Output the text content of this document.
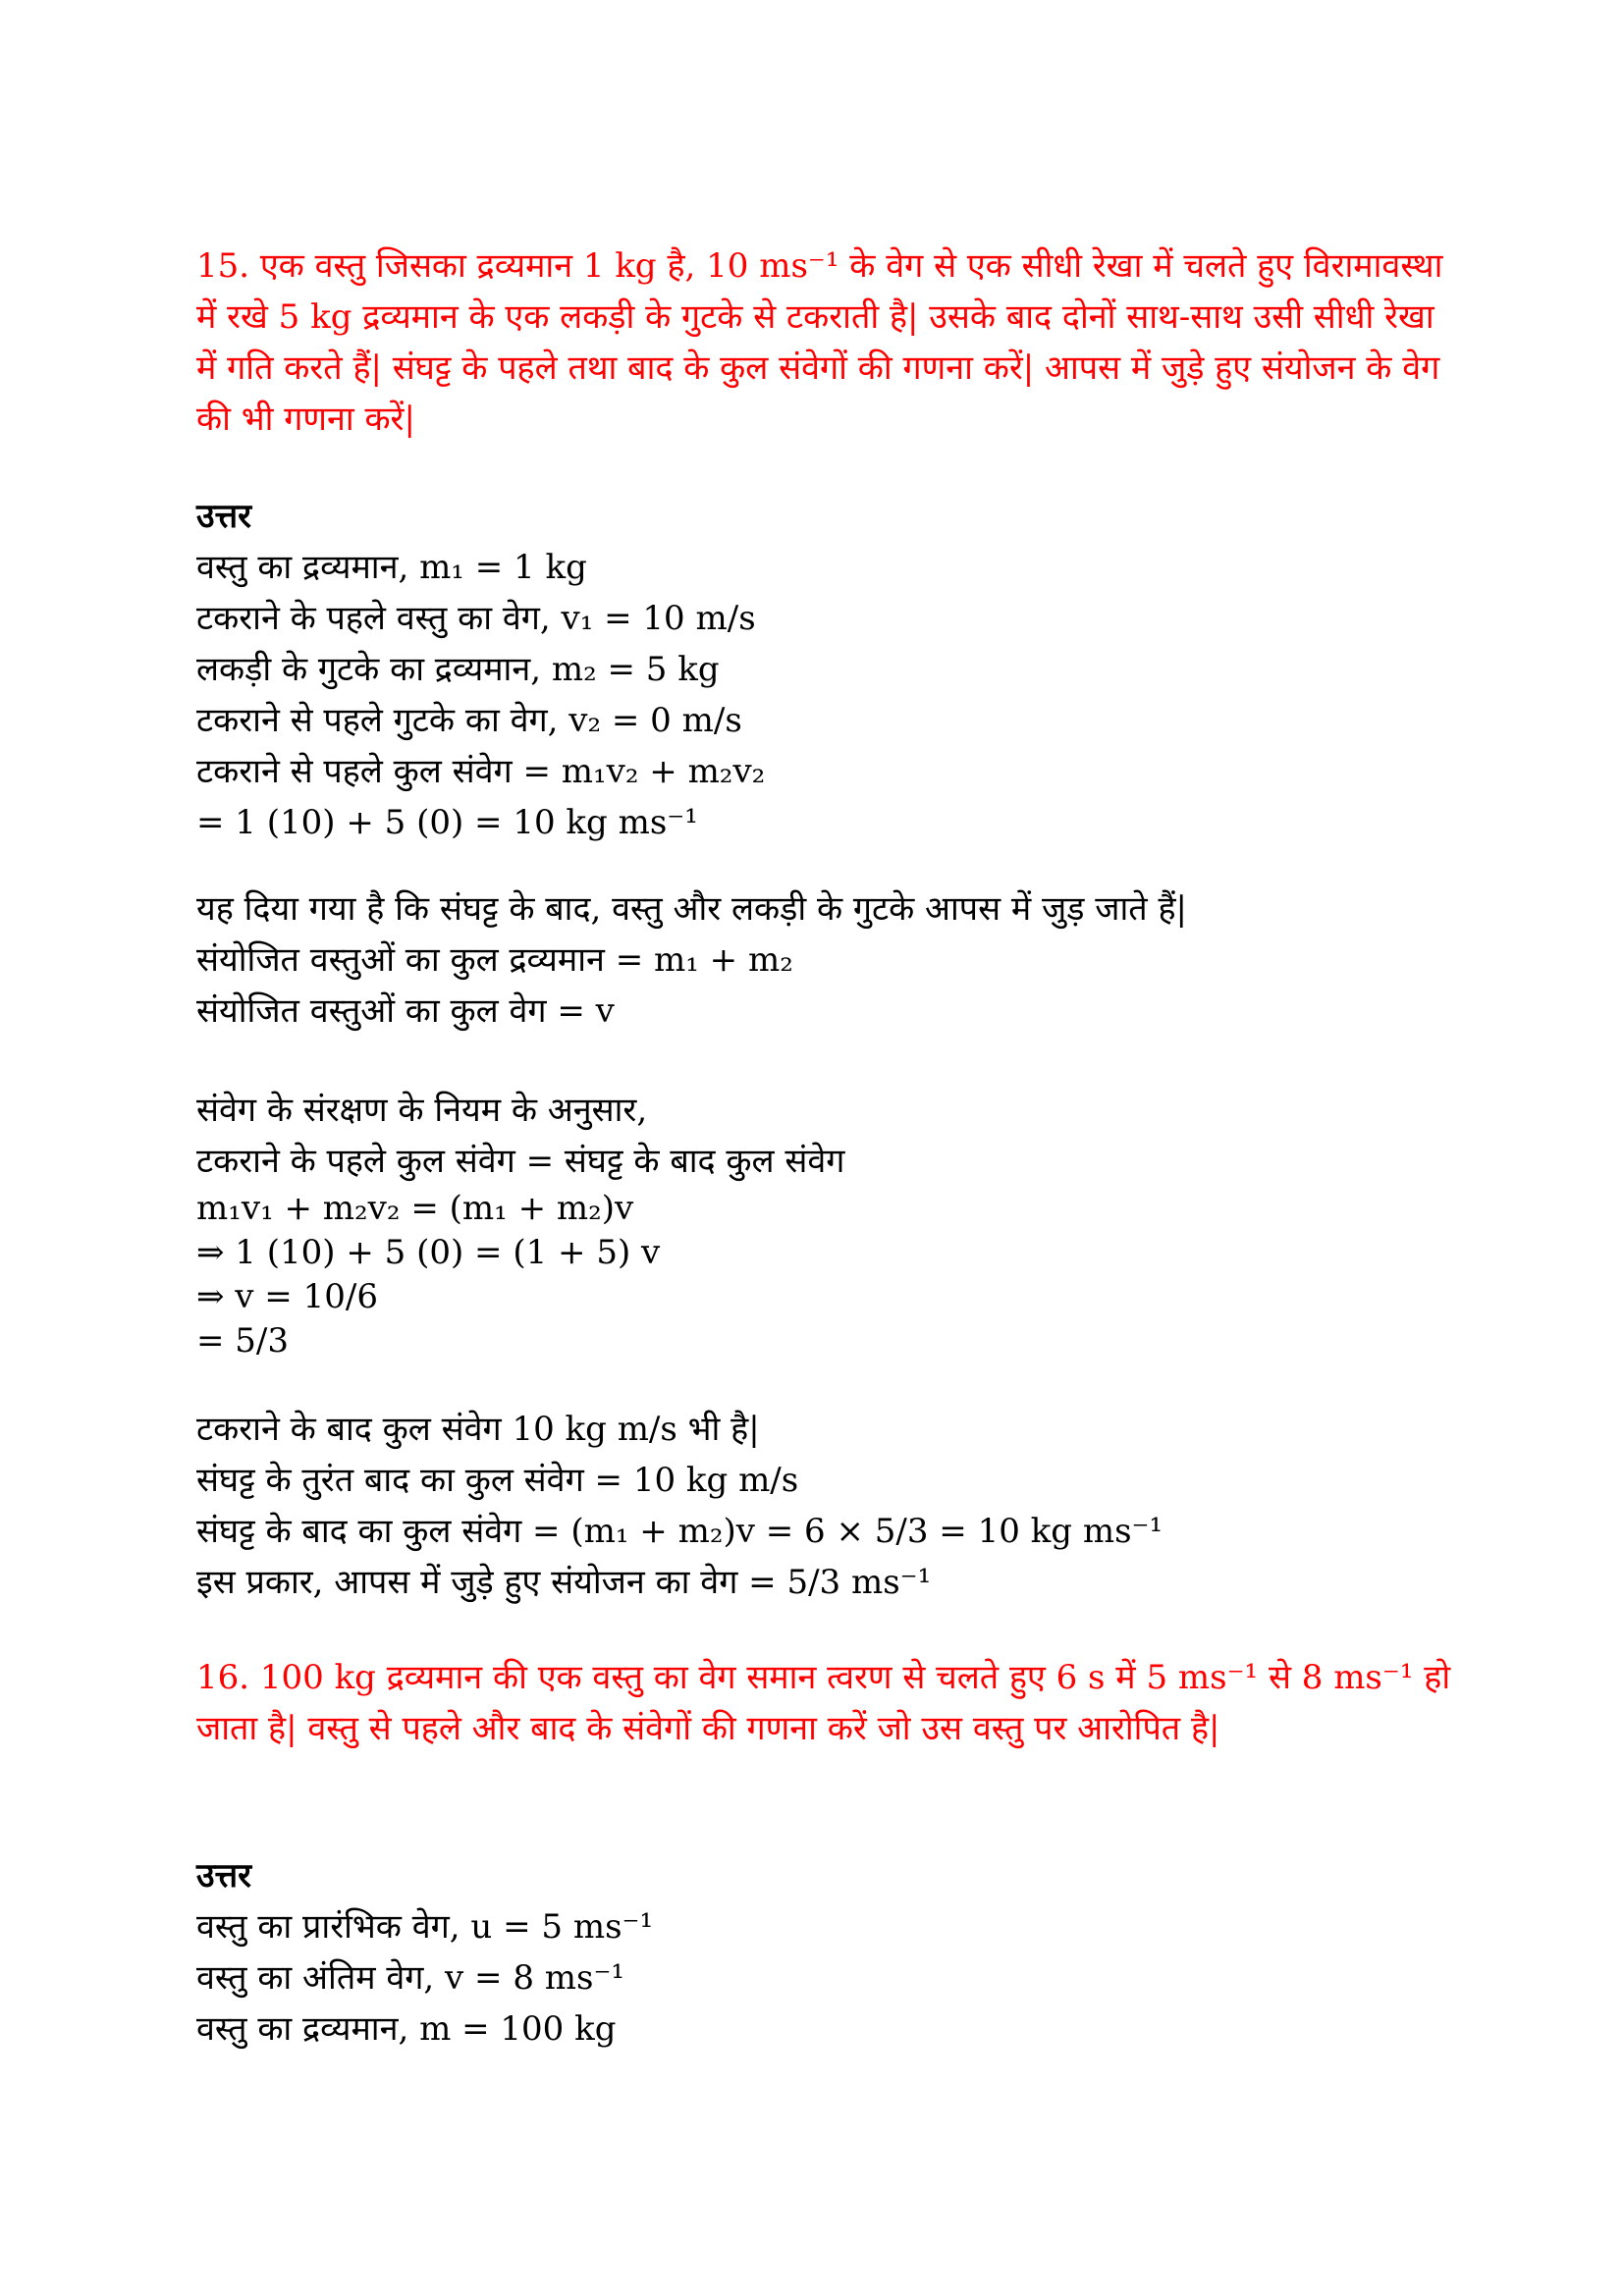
15. एक वस्तु जिसका द्रव्यमान 1 kg है, 10 ms⁻¹ के वेग से एक सीधी रेखा में चलते हुए विरामावस्था में रखे 5 kg द्रव्यमान के एक लकड़ी के गुटके से टकराती है| उसके बाद दोनों साथ-साथ उसी सीधी रेखा में गति करते हैं| संघट्ट के पहले तथा बाद के कुल संवेगों की गणना करें| आपस में जुड़े हुए संयोजन के वेग की भी गणना करें|
उत्तर
वस्तु का द्रव्यमान, m₁ = 1 kg
टकराने के पहले वस्तु का वेग, v₁ = 10 m/s
लकड़ी के गुटके का द्रव्यमान, m₂ = 5 kg
टकराने से पहले गुटके का वेग, v₂ = 0 m/s
टकराने से पहले कुल संवेग = m₁v₂ + m₂v₂
= 1 (10) + 5 (0) = 10 kg ms⁻¹
यह दिया गया है कि संघट्ट के बाद, वस्तु और लकड़ी के गुटके आपस में जुड़ जाते हैं|
संयोजित वस्तुओं का कुल द्रव्यमान = m₁ + m₂
संयोजित वस्तुओं का कुल वेग = v
संवेग के संरक्षण के नियम के अनुसार,
टकराने के पहले कुल संवेग = संघट्ट के बाद कुल संवेग
m₁v₁ + m₂v₂ = (m₁ + m₂)v
⇒ 1 (10) + 5 (0) = (1 + 5) v
⇒ v = 10/6
= 5/3
टकराने के बाद कुल संवेग 10 kg m/s भी है|
संघट्ट के तुरंत बाद का कुल संवेग = 10 kg m/s
संघट्ट के बाद का कुल संवेग = (m₁ + m₂)v = 6 × 5/3 = 10 kg ms⁻¹
इस प्रकार, आपस में जुड़े हुए संयोजन का वेग = 5/3 ms⁻¹
16. 100 kg द्रव्यमान की एक वस्तु का वेग समान त्वरण से चलते हुए 6 s में 5 ms⁻¹ से 8 ms⁻¹ हो जाता है| वस्तु से पहले और बाद के संवेगों की गणना करें जो उस वस्तु पर आरोपित है|
उत्तर
वस्तु का प्रारंभिक वेग, u = 5 ms⁻¹
वस्तु का अंतिम वेग, v = 8 ms⁻¹
वस्तु का द्रव्यमान, m = 100 kg
